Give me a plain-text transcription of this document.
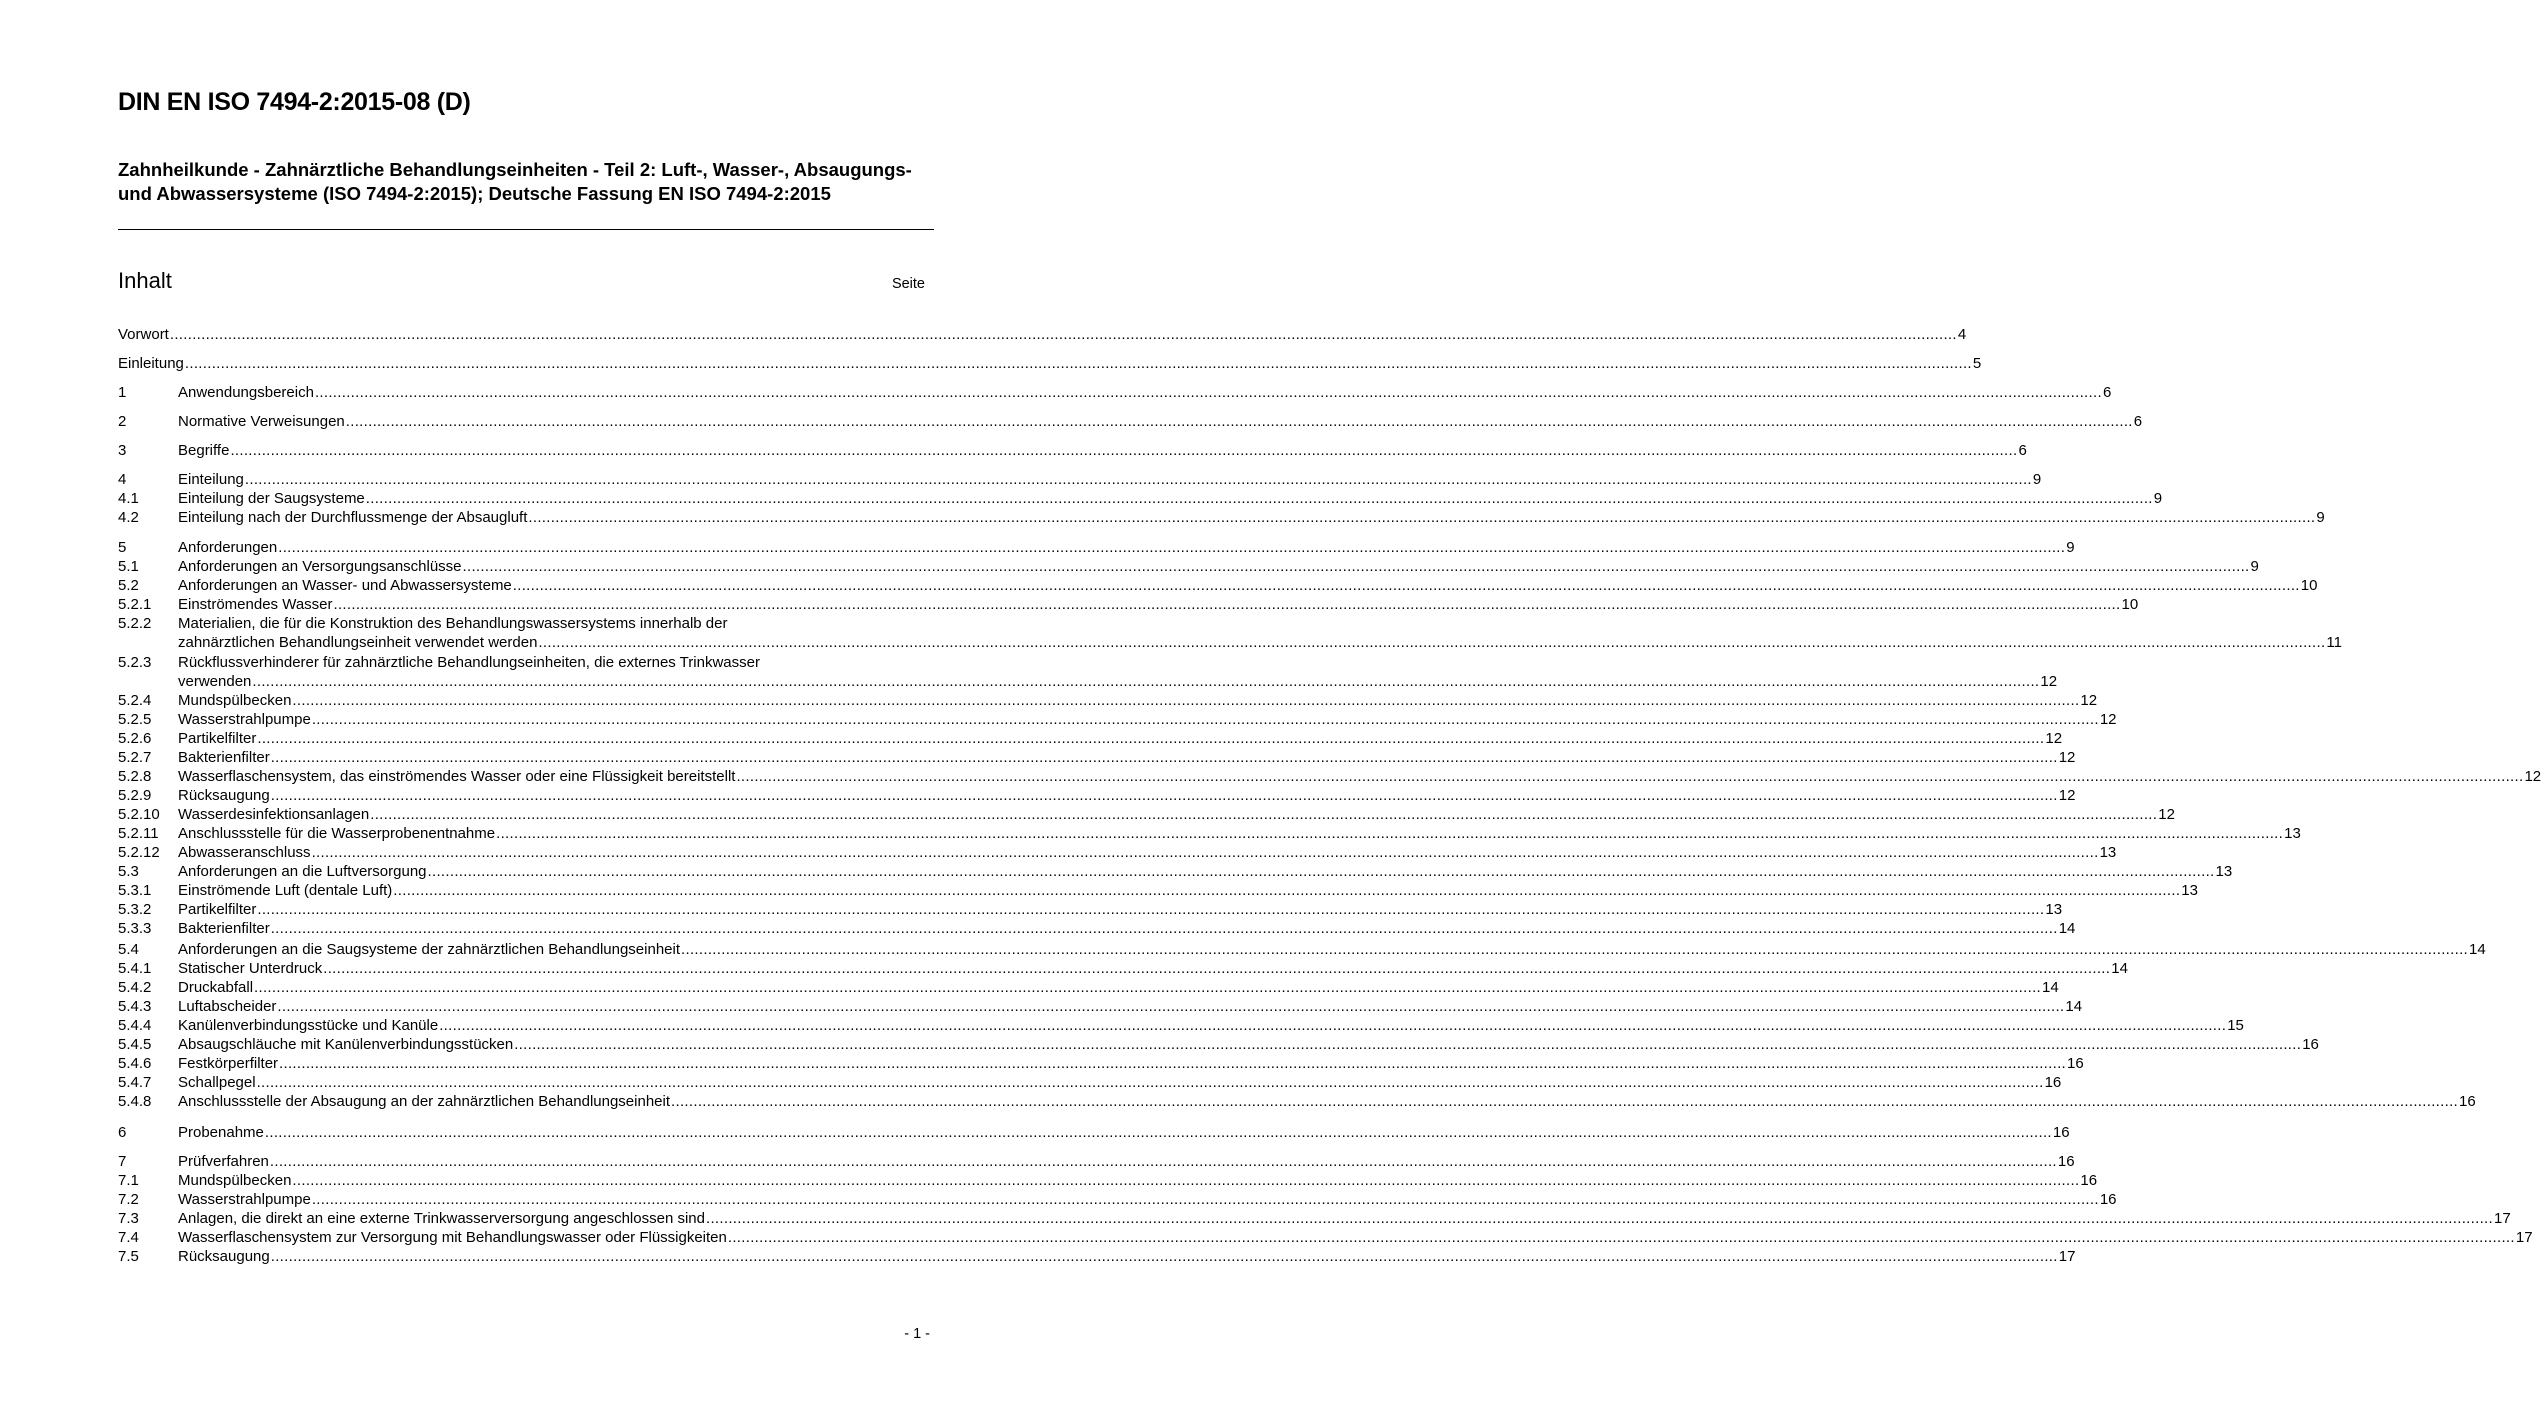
DIN EN ISO 7494-2:2015-08 (D)
Zahnheilkunde - Zahnärztliche Behandlungseinheiten - Teil 2: Luft-, Wasser-, Absaugungs- und Abwassersysteme (ISO 7494-2:2015); Deutsche Fassung EN ISO 7494-2:2015
Inhalt	Seite
Vorwort ................................................................................................................................................................................................................................................................................................................................................................................................................ 4
Einleitung ................................................................................................................................................................................................................................................................................................................................................................................................................ 5
1	Anwendungsbereich ................................................................................................................................................................................................................................................................................................................................................................................................................ 6
2	Normative Verweisungen ................................................................................................................................................................................................................................................................................................................................................................................................................ 6
3	Begriffe ................................................................................................................................................................................................................................................................................................................................................................................................................ 6
4	Einteilung ................................................................................................................................................................................................................................................................................................................................................................................................................ 9
4.1	Einteilung der Saugsysteme ................................................................................................................................................................................................................................................................................................................................................................................................................ 9
4.2	Einteilung nach der Durchflussmenge der Absaugluft ................................................................................................................................................................................................................................................................................................................................................................................................................ 9
5	Anforderungen ................................................................................................................................................................................................................................................................................................................................................................................................................ 9
5.1	Anforderungen an Versorgungsanschlüsse ................................................................................................................................................................................................................................................................................................................................................................................................................ 9
5.2	Anforderungen an Wasser- und Abwassersysteme ................................................................................................................................................................................................................................................................................................................................................................................................................ 10
5.2.1 Einströmendes Wasser ................................................................................................................................................................................................................................................................................................................................................................................................................ 10
5.2.2 Materialien, die für die Konstruktion des Behandlungswassersystems innerhalb der
zahnärztlichen Behandlungseinheit verwendet werden ................................................................................................................................................................................................................................................................................................................................................................................................................ 11
5.2.3 Rückflussverhinderer für zahnärztliche Behandlungseinheiten, die externes Trinkwasser
verwenden ................................................................................................................................................................................................................................................................................................................................................................................................................ 12
5.2.4 Mundspülbecken ................................................................................................................................................................................................................................................................................................................................................................................................................ 12
5.2.5 Wasserstrahlpumpe ................................................................................................................................................................................................................................................................................................................................................................................................................ 12
5.2.6 Partikelfilter ................................................................................................................................................................................................................................................................................................................................................................................................................ 12
5.2.7 Bakterienfilter ................................................................................................................................................................................................................................................................................................................................................................................................................ 12
5.2.8 Wasserflaschensystem, das einströmendes Wasser oder eine Flüssigkeit bereitstellt ................................................................................................................................................................................................................................................................................................................................................................................................................ 12
5.2.9 Rücksaugung ................................................................................................................................................................................................................................................................................................................................................................................................................ 12
5.2.10 Wasserdesinfektionsanlagen ................................................................................................................................................................................................................................................................................................................................................................................................................ 12
5.2.11 Anschlussstelle für die Wasserprobenentnahme ................................................................................................................................................................................................................................................................................................................................................................................................................ 13
5.2.12 Abwasseranschluss ................................................................................................................................................................................................................................................................................................................................................................................................................ 13
5.3	Anforderungen an die Luftversorgung ................................................................................................................................................................................................................................................................................................................................................................................................................ 13
5.3.1 Einströmende Luft (dentale Luft) ................................................................................................................................................................................................................................................................................................................................................................................................................ 13
5.3.2 Partikelfilter ................................................................................................................................................................................................................................................................................................................................................................................................................ 13
5.3.3 Bakterienfilter ................................................................................................................................................................................................................................................................................................................................................................................................................ 14
5.4	Anforderungen an die Saugsysteme der zahnärztlichen Behandlungseinheit ................................................................................................................................................................................................................................................................................................................................................................................................................ 14
5.4.1 Statischer Unterdruck ................................................................................................................................................................................................................................................................................................................................................................................................................ 14
5.4.2 Druckabfall ................................................................................................................................................................................................................................................................................................................................................................................................................ 14
5.4.3 Luftabscheider ................................................................................................................................................................................................................................................................................................................................................................................................................ 14
5.4.4 Kanülenverbindungsstücke und Kanüle ................................................................................................................................................................................................................................................................................................................................................................................................................ 15
5.4.5 Absaugschläuche mit Kanülenverbindungsstücken ................................................................................................................................................................................................................................................................................................................................................................................................................ 16
5.4.6 Festkörperfilter ................................................................................................................................................................................................................................................................................................................................................................................................................ 16
5.4.7 Schallpegel ................................................................................................................................................................................................................................................................................................................................................................................................................ 16
5.4.8 Anschlussstelle der Absaugung an der zahnärztlichen Behandlungseinheit ................................................................................................................................................................................................................................................................................................................................................................................................................ 16
6	Probenahme ................................................................................................................................................................................................................................................................................................................................................................................................................ 16
7	Prüfverfahren ................................................................................................................................................................................................................................................................................................................................................................................................................ 16
7.1	Mundspülbecken ................................................................................................................................................................................................................................................................................................................................................................................................................ 16
7.2	Wasserstrahlpumpe ................................................................................................................................................................................................................................................................................................................................................................................................................ 16
7.3	Anlagen, die direkt an eine externe Trinkwasserversorgung angeschlossen sind ................................................................................................................................................................................................................................................................................................................................................................................................................ 17
7.4	Wasserflaschensystem zur Versorgung mit Behandlungswasser oder Flüssigkeiten ................................................................................................................................................................................................................................................................................................................................................................................................................ 17
7.5	Rücksaugung ................................................................................................................................................................................................................................................................................................................................................................................................................ 17
- 1 -
